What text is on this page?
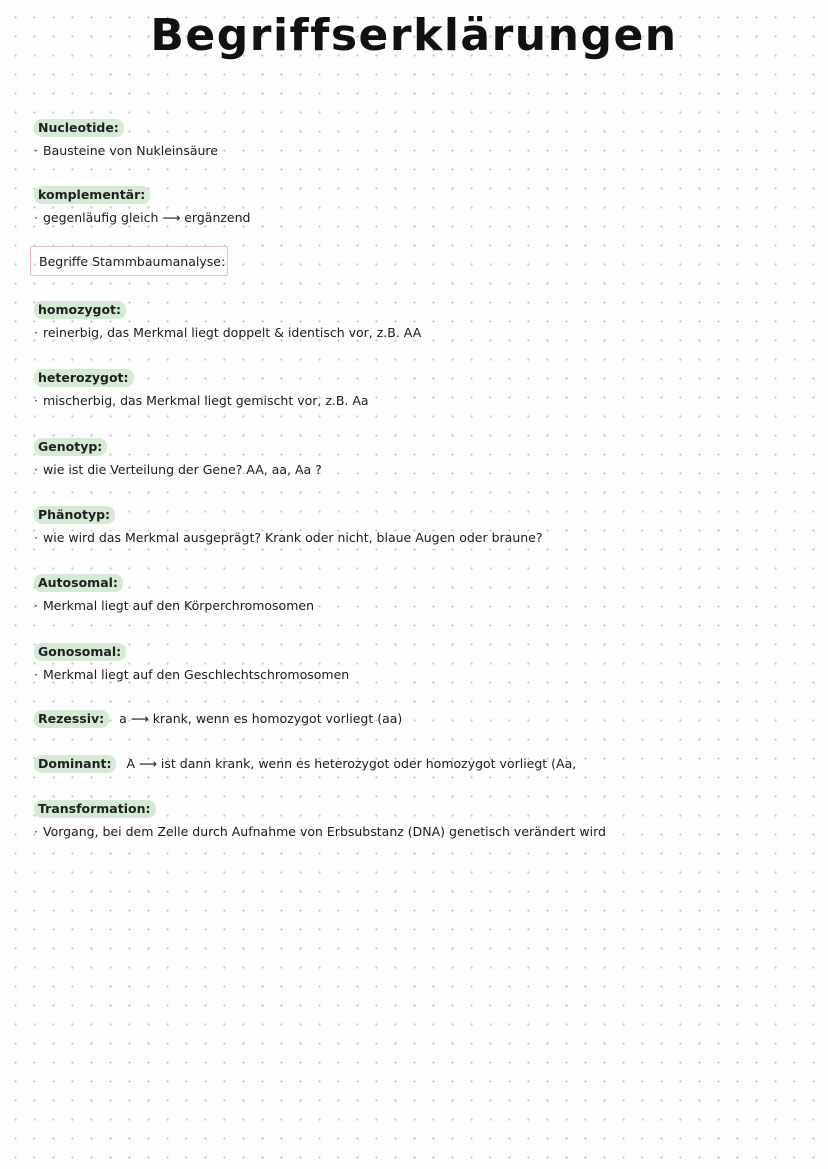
Begriffserklärungen
Nucleotide:
· Bausteine von Nukleinsäure
komplementär:
· gegenläufig gleich ⟶ ergänzend
Begriffe Stammbaumanalyse:
homozygot:
· reinerbig, das Merkmal liegt doppelt & identisch vor, z.B. AA
heterozygot:
· mischerbig, das Merkmal liegt gemischt vor, z.B. Aa
Genotyp:
· wie ist die Verteilung der Gene? AA, aa, Aa ?
Phänotyp:
· wie wird das Merkmal ausgeprägt? Krank oder nicht, blaue Augen oder braune?
Autosomal:
· Merkmal liegt auf den Körperchromosomen
Gonosomal:
· Merkmal liegt auf den Geschlechtschromosomen
Rezessiv: a ⟶ krank, wenn es homozygot vorliegt (aa)
Dominant: A ⟶ ist dann krank, wenn es heterozygot oder homozygot vorliegt (Aa,
Transformation:
· Vorgang, bei dem Zelle durch Aufnahme von Erbsubstanz (DNA) genetisch verändert wird
